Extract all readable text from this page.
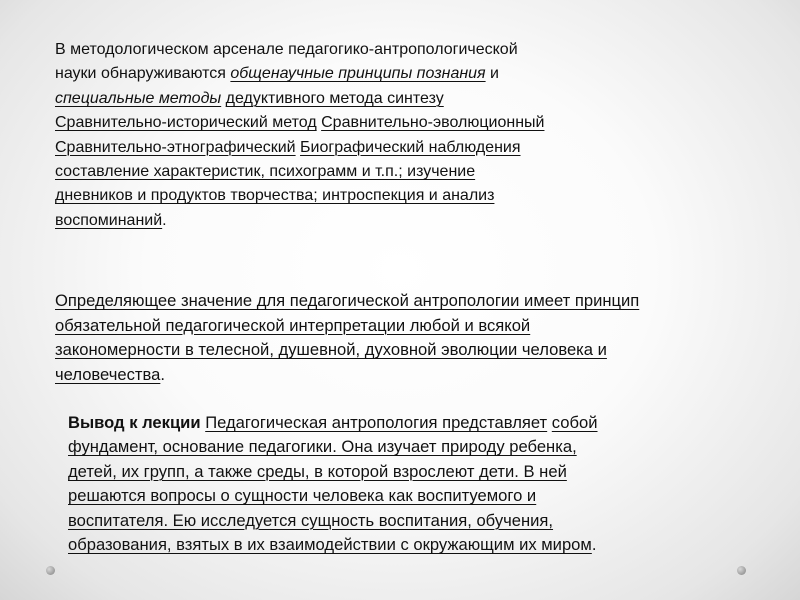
В методологическом арсенале педагогико-антропологической
науки обнаруживаются общенаучные принципы познания и
специальные методы дедуктивного метода синтезу
Сравнительно-исторический метод Сравнительно-эволюционный
Сравнительно-этнографический Биографический наблюдения
составление характеристик, психограмм и т.п.; изучение
дневников и продуктов творчества; интроспекция и анализ
воспоминаний.
Определяющее значение для педагогической антропологии имеет принцип
обязательной педагогической интерпретации любой и всякой
закономерности в телесной, душевной, духовной эволюции человека и
человечества.
Вывод к лекции Педагогическая антропология представляет собой
фундамент, основание педагогики. Она изучает природу ребенка,
детей, их групп, а также среды, в которой взрослеют дети. В ней
решаются вопросы о сущности человека как воспитуемого и
воспитателя. Ею исследуется сущность воспитания, обучения,
образования, взятых в их взаимодействии с окружающим их миром.
